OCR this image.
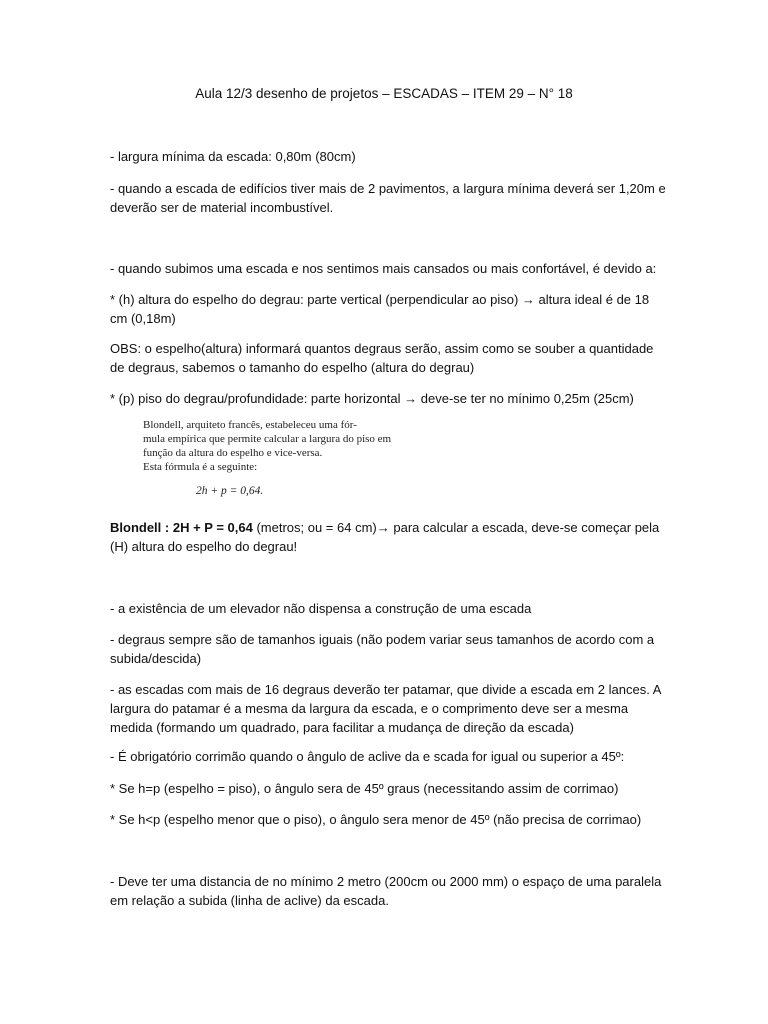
Aula 12/3 desenho de projetos – ESCADAS – ITEM 29 – N° 18

- largura mínima da escada: 0,80m (80cm)

- quando a escada de edifícios tiver mais de 2 pavimentos, a largura mínima deverá ser 1,20m e deverão ser de material incombustível.

- quando subimos uma escada e nos sentimos mais cansados ou mais confortável, é devido a:

* (h) altura do espelho do degrau: parte vertical (perpendicular ao piso) → altura ideal é de 18 cm (0,18m)

OBS: o espelho(altura) informará quantos degraus serão, assim como se souber a quantidade de degraus, sabemos o tamanho do espelho (altura do degrau)

* (p) piso do degrau/profundidade: parte horizontal → deve-se ter no mínimo 0,25m (25cm)

Blondell, arquiteto francês, estabeleceu uma fór-
mula empírica que permite calcular a largura do piso em
função da altura do espelho e vice-versa.
Esta fórmula é a seguinte:
2h + p = 0,64.

Blondell : 2H + P = 0,64 (metros; ou = 64 cm)→ para calcular a escada, deve-se começar pela (H) altura do espelho do degrau!

- a existência de um elevador não dispensa a construção de uma escada

- degraus sempre são de tamanhos iguais (não podem variar seus tamanhos de acordo com a subida/descida)

- as escadas com mais de 16 degraus deverão ter patamar, que divide a escada em 2 lances. A largura do patamar é a mesma da largura da escada, e o comprimento deve ser a mesma medida (formando um quadrado, para facilitar a mudança de direção da escada)

- É obrigatório corrimão quando o ângulo de aclive da e scada for igual ou superior a 45º:

* Se h=p (espelho = piso), o ângulo sera de 45º graus (necessitando assim de corrimao)

* Se h<p (espelho menor que o piso), o ângulo sera menor de 45º (não precisa de corrimao)

- Deve ter uma distancia de no mínimo 2 metro (200cm ou 2000 mm) o espaço de uma paralela em relação a subida (linha de aclive) da escada.
